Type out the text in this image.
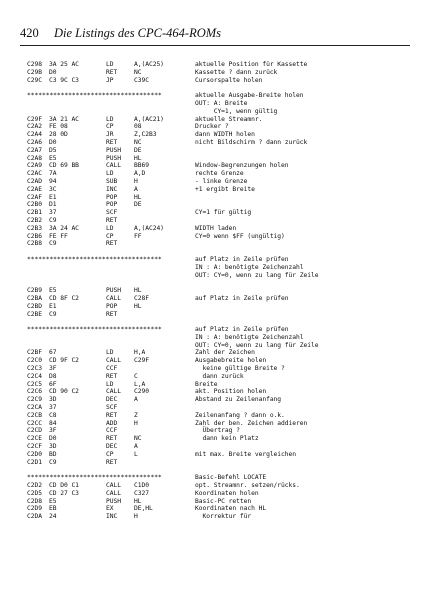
420 Die Listings des CPC-464-ROMs
C298 3A 25 AC	LD	A,(AC25)	aktuelle Position für Kassette
C29B D0	RET	NC	Kassette ? dann zurück
C29C C3 9C C3	JP	C39C	Cursorspalte holen
************************************	aktuelle Ausgabe-Breite holen
OUT: A: Breite
CY=1, wenn gültig
C29F 3A 21 AC	LD	A,(AC21)	aktuelle Streamnr.
C2A2 FE 08	CP	08	Drucker ?
C2A4 28 0D	JR	Z,C2B3	dann WIDTH holen
C2A6 D0	RET	NC	nicht Bildschirm ? dann zurück
C2A7 D5	PUSH DE
C2A8 E5	PUSH HL
C2A9 CD 69 BB	CALL BB69	Window-Begrenzungen holen
C2AC 7A	LD	A,D	rechte Grenze
C2AD 94	SUB	H	- linke Grenze
C2AE 3C	INC	A	+1 ergibt Breite
C2AF E1	POP	HL
C2B0 D1	POP	DE
C2B1 37	SCF	CY=1 für gültig
C2B2 C9	RET
C2B3 3A 24 AC	LD	A,(AC24)	WIDTH laden
C2B6 FE FF	CP	FF	CY=0 wenn $FF (ungültig)
C2B8 C9	RET
************************************	auf Platz in Zeile prüfen
IN : A: benötigte Zeichenzahl
OUT: CY=0, wenn zu lang für Zeile
C2B9 E5	PUSH HL
C2BA CD 8F C2	CALL C28F	auf Platz in Zeile prüfen
C2BD E1	POP	HL
C2BE C9	RET
************************************	auf Platz in Zeile prüfen
IN : A: benötigte Zeichenzahl
OUT: CY=0, wenn zu lang für Zeile
C2BF 67	LD	H,A	Zahl der Zeichen
C2C0 CD 9F C2	CALL C29F	Ausgabebreite holen
C2C3 3F	CCF	keine gültige Breite ?
C2C4 D8	RET	C	dann zurück
C2C5 6F	LD	L,A	Breite
C2C6 CD 90 C2	CALL C290	akt. Position holen
C2C9 3D	DEC	A	Abstand zu Zeilenanfang
C2CA 37	SCF
C2CB C8	RET	Z	Zeilenanfang ? dann o.k.
C2CC 84	ADD	H	Zahl der ben. Zeichen addieren
C2CD 3F	CCF	Übertrag ?
C2CE D0	RET	NC	dann kein Platz
C2CF 3D	DEC	A
C2D0 BD	CP	L	mit max. Breite vergleichen
C2D1 C9	RET
************************************	Basic-Befehl LOCATE
C2D2 CD D0 C1	CALL C1D0	opt. Streamnr. setzen/rücks.
C2D5 CD 27 C3	CALL C327	Koordinaten holen
C2D8 E5	PUSH HL	Basic-PC retten
C2D9 EB	EX	DE,HL	Koordinaten nach HL
C2DA 24	INC	H	Korrektur für
